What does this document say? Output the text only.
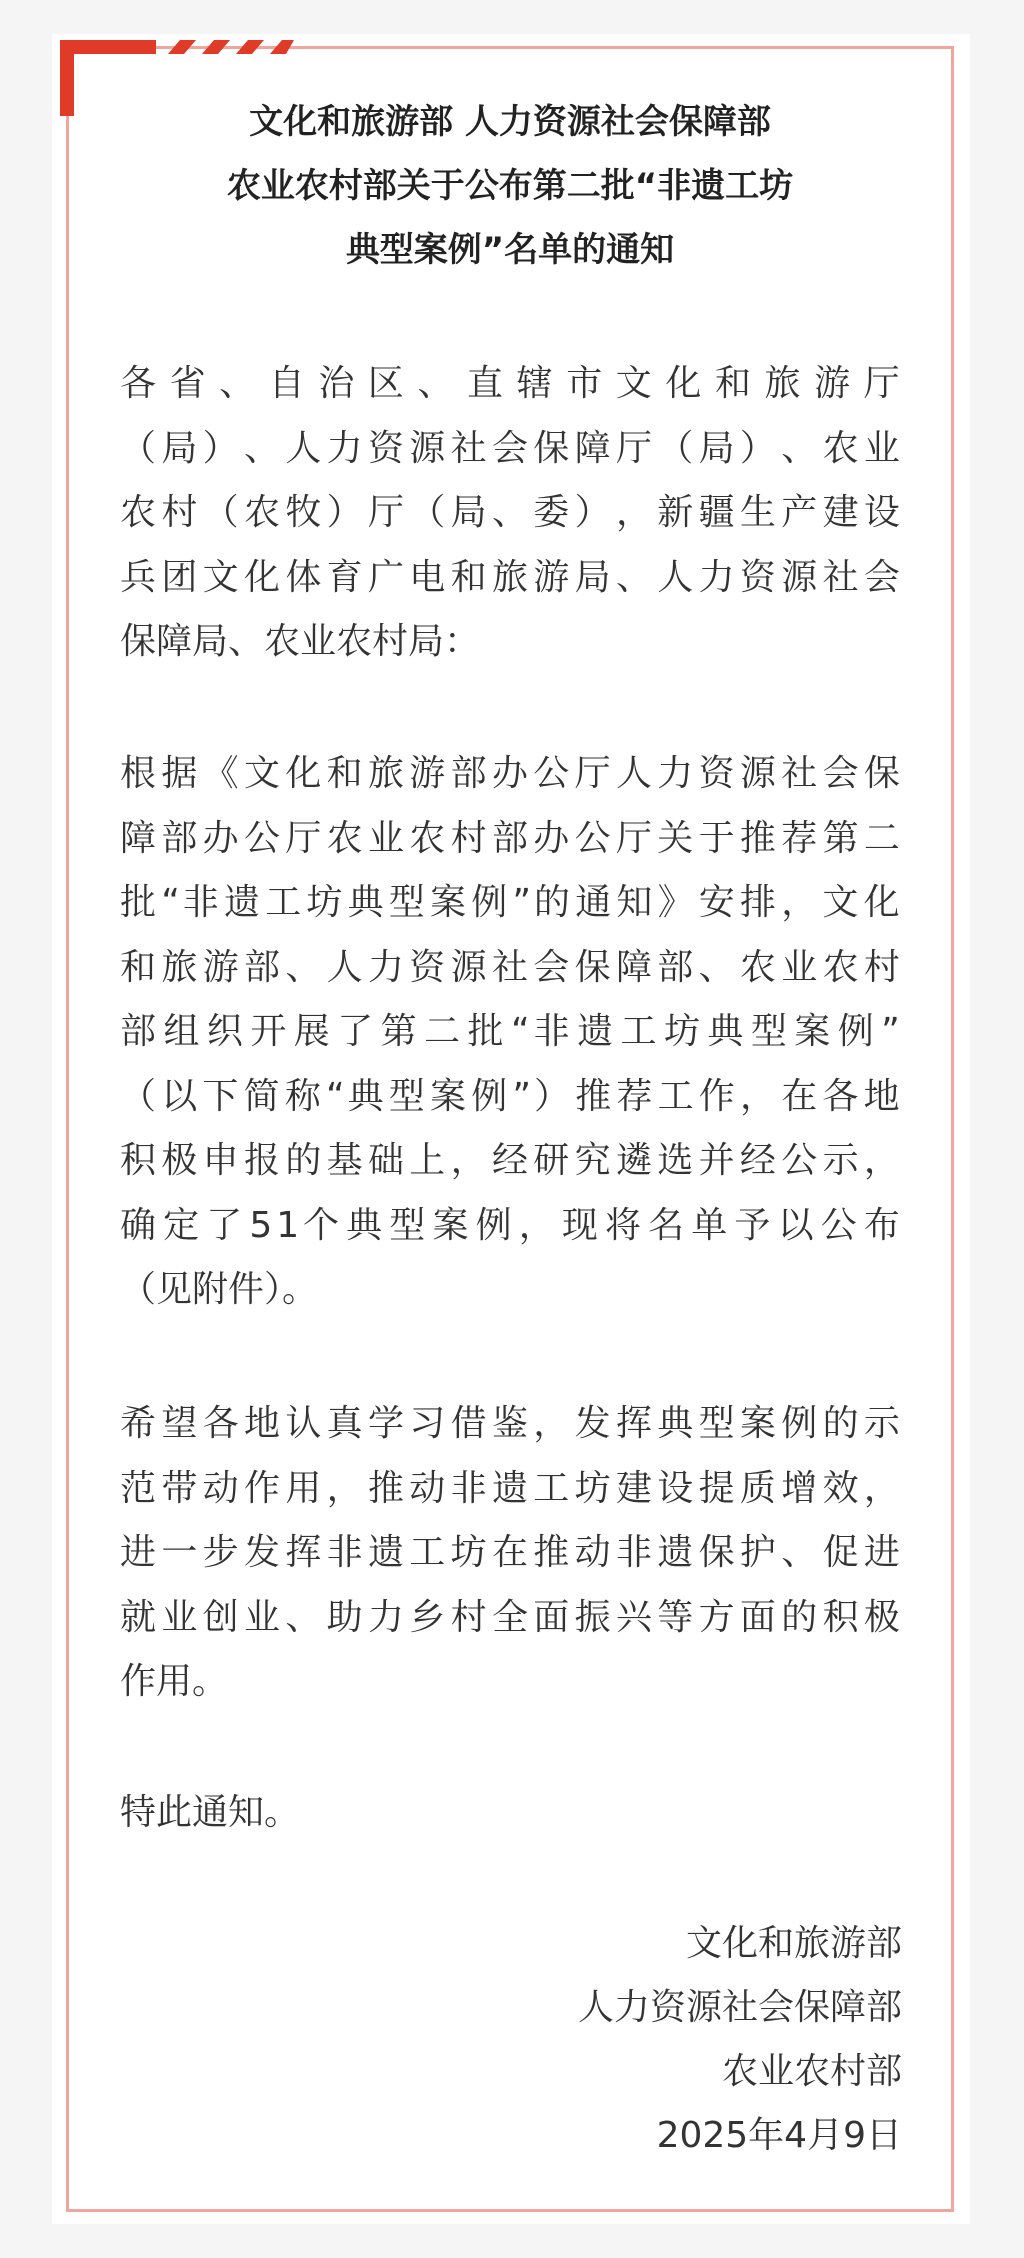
文化和旅游部 人力资源社会保障部
农业农村部关于公布第二批“非遗工坊
典型案例”名单的通知
各 省 、 自 治 区 、 直 辖 市 文 化 和 旅 游 厅
（ 局 ） 、 人 力 资 源 社 会 保 障 厅 （ 局 ） 、 农 业
农 村 （ 农 牧 ） 厅 （ 局 、 委 ） ， 新 疆 生 产 建 设
兵 团 文 化 体 育 广 电 和 旅 游 局 、 人 力 资 源 社 会
保障局、农业农村局：
根 据 《 文 化 和 旅 游 部 办 公 厅 人 力 资 源 社 会 保
障 部 办 公 厅 农 业 农 村 部 办 公 厅 关 于 推 荐 第 二
批 “ 非 遗 工 坊 典 型 案 例 ” 的 通 知 》 安 排 ， 文 化
和 旅 游 部 、 人 力 资 源 社 会 保 障 部 、 农 业 农 村
部 组 织 开 展 了 第 二 批 “ 非 遗 工 坊 典 型 案 例 ”
（ 以 下 简 称 “ 典 型 案 例 ” ） 推 荐 工 作 ， 在 各 地
积 极 申 报 的 基 础 上 ， 经 研 究 遴 选 并 经 公 示 ，
确 定 了 5 1 个 典 型 案 例 ， 现 将 名 单 予 以 公 布
（见附件）。
希 望 各 地 认 真 学 习 借 鉴 ， 发 挥 典 型 案 例 的 示
范 带 动 作 用 ， 推 动 非 遗 工 坊 建 设 提 质 增 效 ，
进 一 步 发 挥 非 遗 工 坊 在 推 动 非 遗 保 护 、 促 进
就 业 创 业 、 助 力 乡 村 全 面 振 兴 等 方 面 的 积 极
作用。
特此通知。
文化和旅游部
人力资源社会保障部
农业农村部
2025年4月9日
